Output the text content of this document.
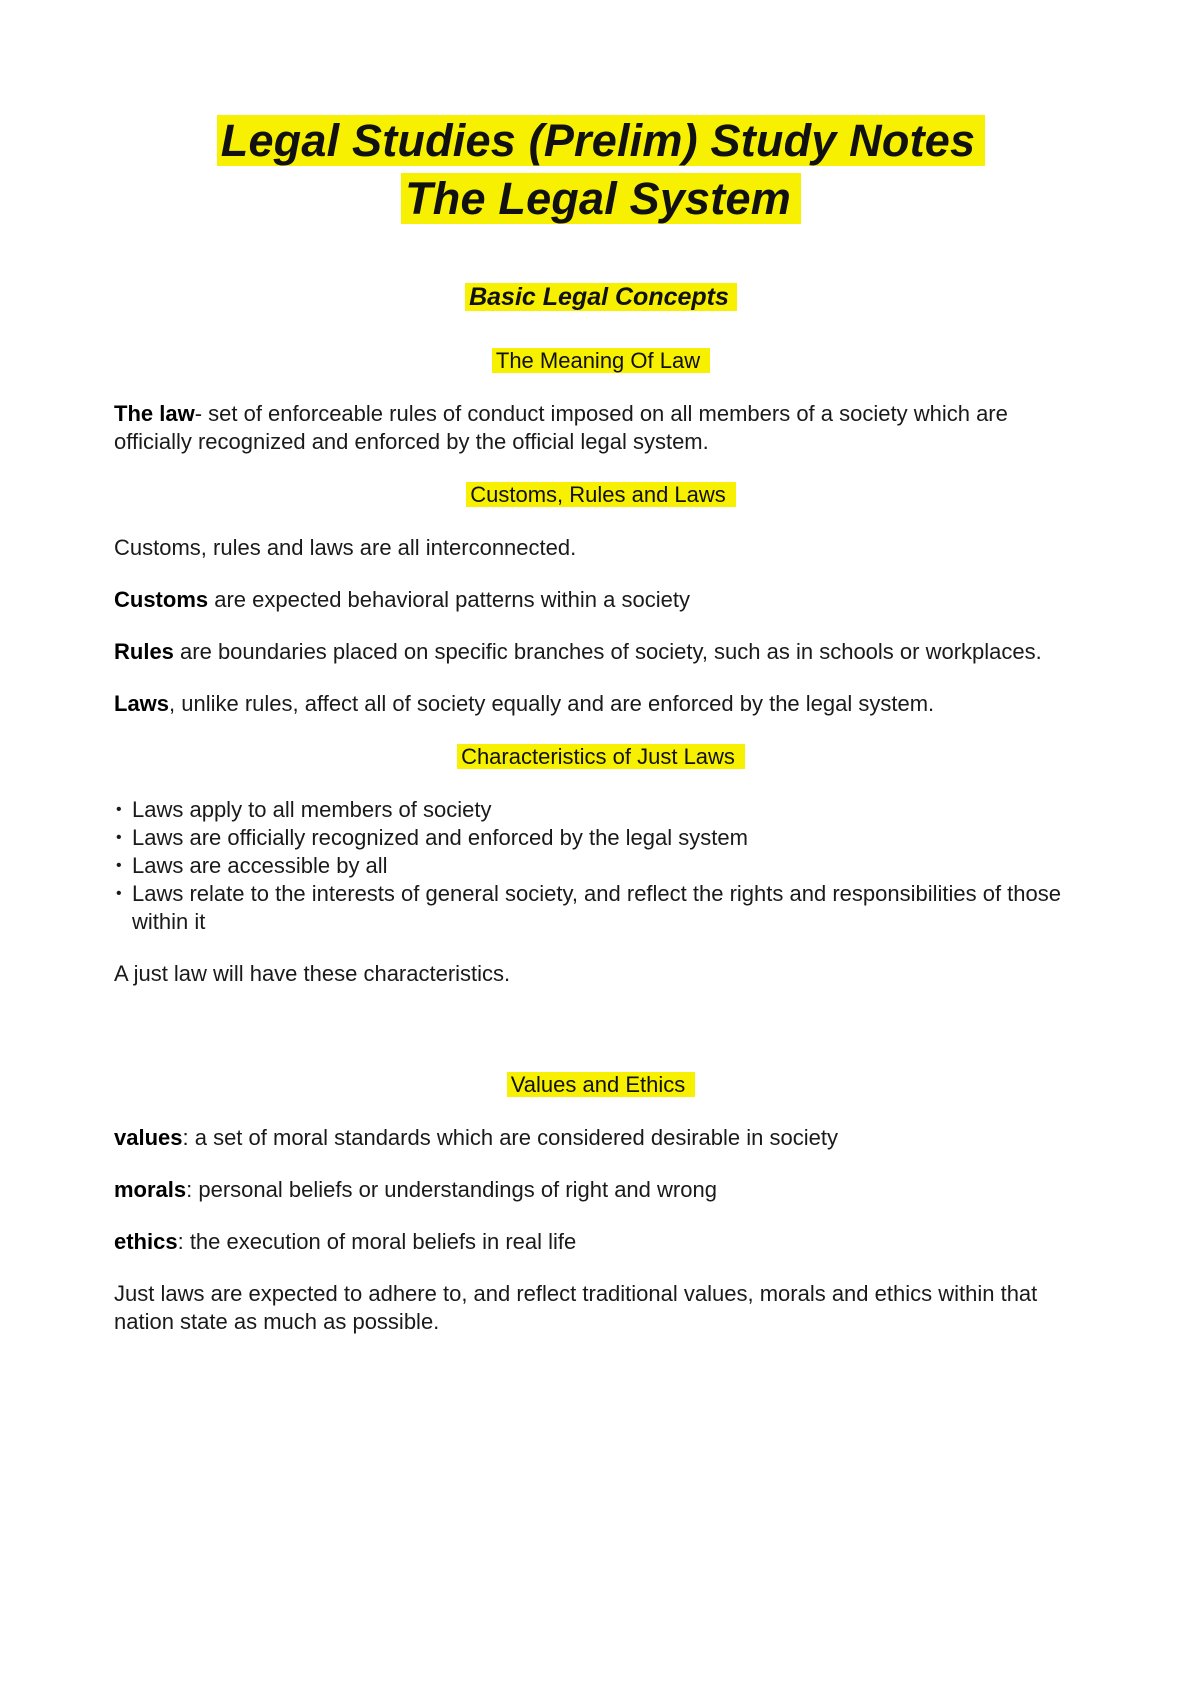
Legal Studies (Prelim) Study Notes
The Legal System
Basic Legal Concepts

The Meaning Of Law

The law- set of enforceable rules of conduct imposed on all members of a society which are officially recognized and enforced by the official legal system.

Customs, Rules and Laws

Customs, rules and laws are all interconnected.

Customs are expected behavioral patterns within a society

Rules are boundaries placed on specific branches of society, such as in schools or workplaces.

Laws, unlike rules, affect all of society equally and are enforced by the legal system.

Characteristics of Just Laws

• Laws apply to all members of society
• Laws are officially recognized and enforced by the legal system
• Laws are accessible by all
• Laws relate to the interests of general society, and reflect the rights and responsibilities of those within it

A just law will have these characteristics.

Values and Ethics

values: a set of moral standards which are considered desirable in society

morals: personal beliefs or understandings of right and wrong

ethics: the execution of moral beliefs in real life

Just laws are expected to adhere to, and reflect traditional values, morals and ethics within that nation state as much as possible.
